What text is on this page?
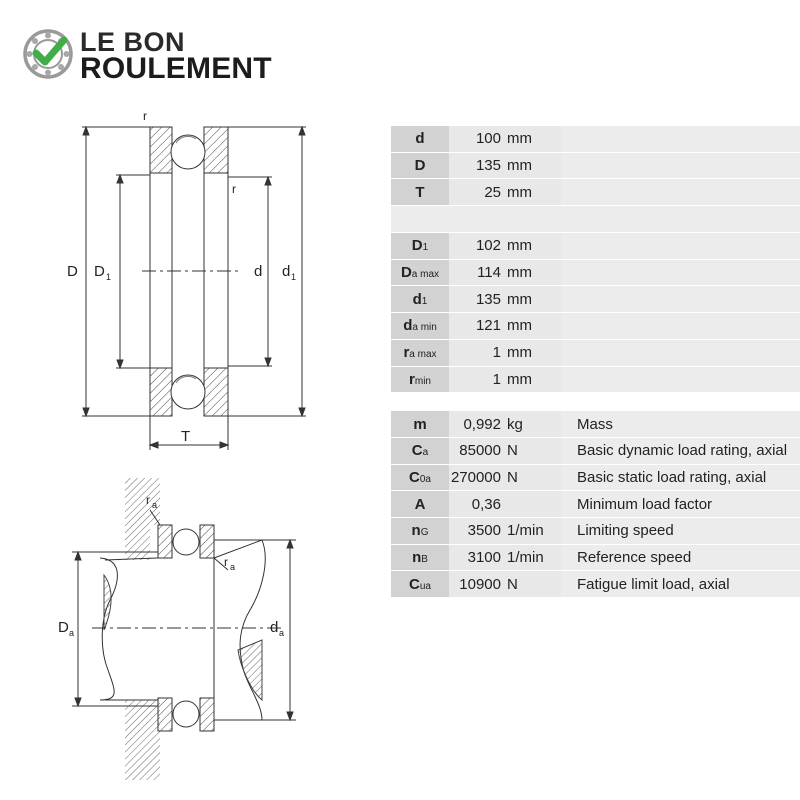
LE BON
ROULEMENT
r
r
D D 1	d d 1
T
r a
r a
D a	d a
d	100 mm
D	135 mm
T	25 mm
$D_1$	102 mm
$D_{a max}$	114 mm
$d_1$	135 mm
$d_{a min}$	121 mm
$r_{a max}$	1 mm
$r_{min}$	1 mm
m 0,992 kg	Mass
$C_a$ 85000 N	Basic dynamic load rating, axial
$C_{0a}$ 270000 N	Basic static load rating, axial
A	0,36	Minimum load factor
$n_G$	3500 1/min	Limiting speed
$n_B$	3100 1/min	Reference speed
$C_{ua}$ 10900 N	Fatigue limit load, axial
